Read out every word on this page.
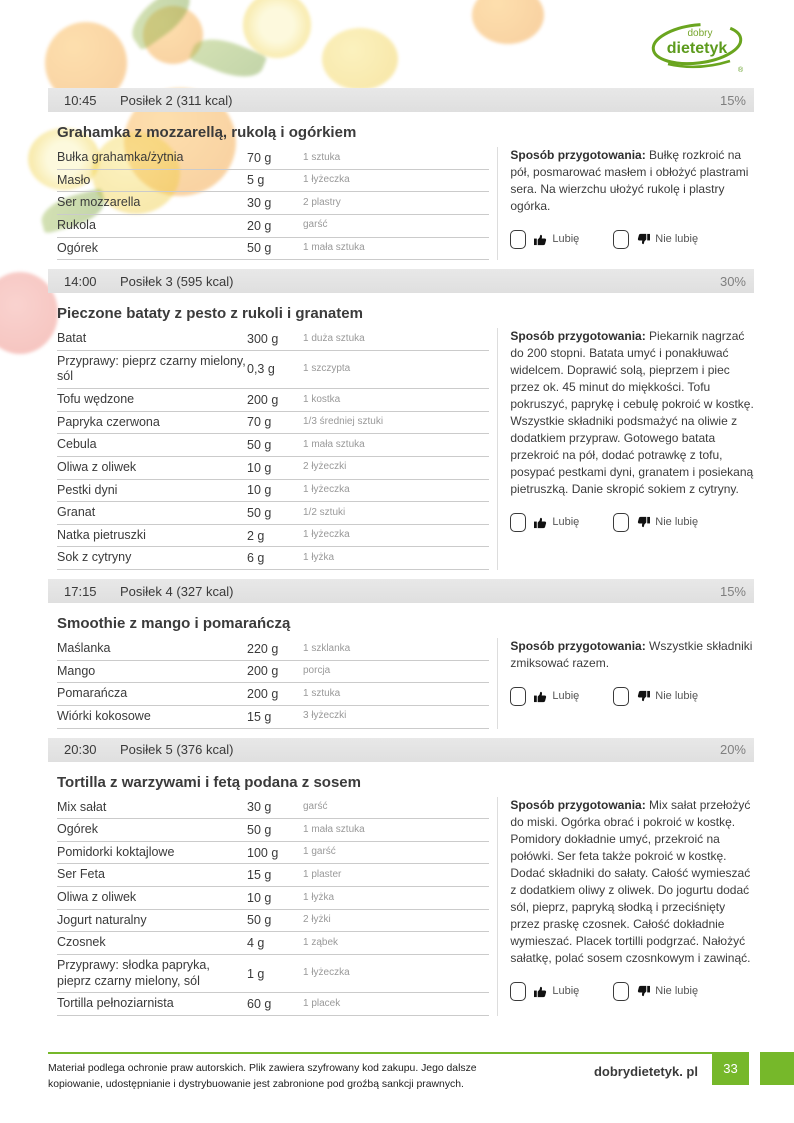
dobry
dietetyk
®
10:45	Posiłek 2 (311 kcal)	15%
Grahamka z mozzarellą, rukolą i ogórkiem
Bułka grahamka/żytnia	70 g	1 sztuka
Masło	5 g	1 łyżeczka
Ser mozzarella	30 g	2 plastry
Rukola	20 g	garść
Ogórek	50 g	1 mała sztuka

Sposób przygotowania: Bułkę rozkroić na pół, posmarować masłem i obłożyć plastrami sera. Na wierzchu ułożyć rukolę i plastry ogórka.

Lubię	Nie lubię
14:00	Posiłek 3 (595 kcal)	30%
Pieczone bataty z pesto z rukoli i granatem
Batat	300 g	1 duża sztuka
Przyprawy: pieprz czarny mielony, sól	0,3 g	1 szczypta
Tofu wędzone	200 g	1 kostka
Papryka czerwona	70 g	1/3 średniej sztuki
Cebula	50 g	1 mała sztuka
Oliwa z oliwek	10 g	2 łyżeczki
Pestki dyni	10 g	1 łyżeczka
Granat	50 g	1/2 sztuki
Natka pietruszki	2 g	1 łyżeczka
Sok z cytryny	6 g	1 łyżka

Sposób przygotowania: Piekarnik nagrzać do 200 stopni. Batata umyć i ponakłuwać widelcem. Doprawić solą, pieprzem i piec przez ok. 45 minut do miękkości. Tofu pokruszyć, paprykę i cebulę pokroić w kostkę. Wszystkie składniki podsmażyć na oliwie z dodatkiem przypraw. Gotowego batata przekroić na pół, dodać potrawkę z tofu, posypać pestkami dyni, granatem i posiekaną pietruszką. Danie skropić sokiem z cytryny.

Lubię	Nie lubię
17:15	Posiłek 4 (327 kcal)	15%
Smoothie z mango i pomarańczą
Maślanka	220 g	1 szklanka
Mango	200 g	porcja
Pomarańcza	200 g	1 sztuka
Wiórki kokosowe	15 g	3 łyżeczki

Sposób przygotowania: Wszystkie składniki zmiksować razem.

Lubię	Nie lubię
20:30	Posiłek 5 (376 kcal)	20%
Tortilla z warzywami i fetą podana z sosem
Mix sałat	30 g	garść
Ogórek	50 g	1 mała sztuka
Pomidorki koktajlowe	100 g	1 garść
Ser Feta	15 g	1 plaster
Oliwa z oliwek	10 g	1 łyżka
Jogurt naturalny	50 g	2 łyżki
Czosnek	4 g	1 ząbek
Przyprawy: słodka papryka, pieprz czarny mielony, sól	1 g	1 łyżeczka
Tortilla pełnoziarnista	60 g	1 placek

Sposób przygotowania: Mix sałat przełożyć do miski. Ogórka obrać i pokroić w kostkę. Pomidory dokładnie umyć, przekroić na połówki. Ser feta także pokroić w kostkę. Dodać składniki do sałaty. Całość wymieszać z dodatkiem oliwy z oliwek. Do jogurtu dodać sól, pieprz, papryką słodką i przeciśnięty przez praskę czosnek. Całość dokładnie wymieszać. Placek tortilli podgrzać. Nałożyć sałatkę, polać sosem czosnkowym i zawinąć.

Lubię	Nie lubię
Materiał podlega ochronie praw autorskich. Plik zawiera szyfrowany kod zakupu. Jego dalsze kopiowanie, udostępnianie i dystrybuowanie jest zabronione pod groźbą sankcji prawnych.
dobrydietetyk. pl	33
